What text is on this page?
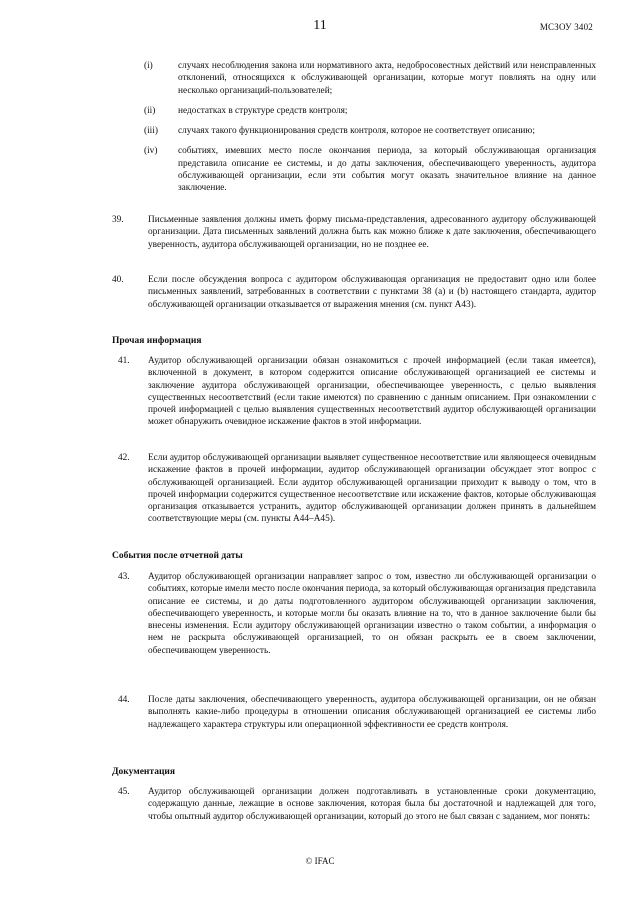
11	МСЗОУ 3402
(i)	случаях несоблюдения закона или нормативного акта, недобросовестных действий или неисправленных отклонений, относящихся к обслуживающей организации, которые могут повлиять на одну или несколько организаций-пользователей;
(ii)	недостатках в структуре средств контроля;
(iii)	случаях такого функционирования средств контроля, которое не соответствует описанию;
(iv)	событиях, имевших место после окончания периода, за который обслуживающая организация представила описание ее системы, и до даты заключения, обеспечивающего уверенность, аудитора обслуживающей организации, если эти события могут оказать значительное влияние на данное заключение.
39.	Письменные заявления должны иметь форму письма-представления, адресованного аудитору обслуживающей организации. Дата письменных заявлений должна быть как можно ближе к дате заключения, обеспечивающего уверенность, аудитора обслуживающей организации, но не позднее ее.
40.	Если после обсуждения вопроса с аудитором обслуживающая организация не предоставит одно или более письменных заявлений, затребованных в соответствии с пунктами 38 (a) и (b) настоящего стандарта, аудитор обслуживающей организации отказывается от выражения мнения (см. пункт A43).
Прочая информация
41.	Аудитор обслуживающей организации обязан ознакомиться с прочей информацией (если такая имеется), включенной в документ, в котором содержится описание обслуживающей организацией ее системы и заключение аудитора обслуживающей организации, обеспечивающее уверенность, с целью выявления существенных несоответствий (если такие имеются) по сравнению с данным описанием. При ознакомлении с прочей информацией с целью выявления существенных несоответствий аудитор обслуживающей организации может обнаружить очевидное искажение фактов в этой информации.
42.	Если аудитор обслуживающей организации выявляет существенное несоответствие или являющееся очевидным искажение фактов в прочей информации, аудитор обслуживающей организации обсуждает этот вопрос с обслуживающей организацией. Если аудитор обслуживающей организации приходит к выводу о том, что в прочей информации содержится существенное несоответствие или искажение фактов, которые обслуживающая организация отказывается устранить, аудитор обслуживающей организации должен принять в дальнейшем соответствующие меры (см. пункты A44–A45).
События после отчетной даты
43.	Аудитор обслуживающей организации направляет запрос о том, известно ли обслуживающей организации о событиях, которые имели место после окончания периода, за который обслуживающая организация представила описание ее системы, и до даты подготовленного аудитором обслуживающей организации заключения, обеспечивающего уверенность, и которые могли бы оказать влияние на то, что в данное заключение были бы внесены изменения. Если аудитору обслуживающей организации известно о таком событии, а информация о нем не раскрыта обслуживающей организацией, то он обязан раскрыть ее в своем заключении, обеспечивающем уверенность.
44.	После даты заключения, обеспечивающего уверенность, аудитора обслуживающей организации, он не обязан выполнять какие-либо процедуры в отношении описания обслуживающей организацией ее системы либо надлежащего характера структуры или операционной эффективности ее средств контроля.
Документация
45.	Аудитор обслуживающей организации должен подготавливать в установленные сроки документацию, содержащую данные, лежащие в основе заключения, которая была бы достаточной и надлежащей для того, чтобы опытный аудитор обслуживающей организации, который до этого не был связан с заданием, мог понять:
© IFAC
